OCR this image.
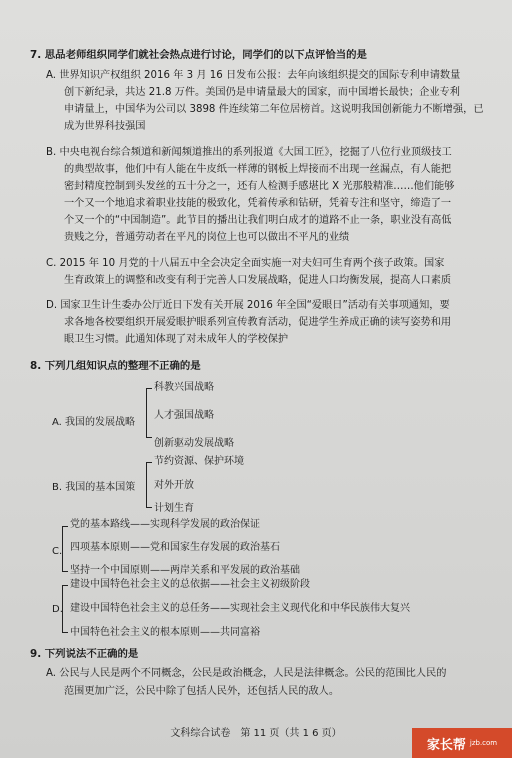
7. 思品老师组织同学们就社会热点进行讨论，同学们的以下点评恰当的是
A. 世界知识产权组织 2016 年 3 月 16 日发布公报：去年向该组织提交的国际专利申请数量
创下新纪录，共达 21.8 万件。美国仍是申请量最大的国家，而中国增长最快；企业专利
申请量上，中国华为公司以 3898 件连续第二年位居榜首。这说明我国创新能力不断增强，已
成为世界科技强国
B. 中央电视台综合频道和新闻频道推出的系列报道《大国工匠》，挖掘了八位行业顶级技工
的典型故事，他们中有人能在牛皮纸一样薄的钢板上焊接而不出现一丝漏点，有人能把
密封精度控制到头发丝的五十分之一，还有人检测手感堪比 X 光那般精准……他们能够
一个又一个地追求着职业技能的极致化，凭着传承和钻研，凭着专注和坚守，缔造了一
个又一个的“中国制造”。此节目的播出让我们明白成才的道路不止一条，职业没有高低
贵贱之分，普通劳动者在平凡的岗位上也可以做出不平凡的业绩
C. 2015 年 10 月党的十八届五中全会决定全面实施一对夫妇可生育两个孩子政策。国家
生育政策上的调整和改变有利于完善人口发展战略，促进人口均衡发展，提高人口素质
D. 国家卫生计生委办公厅近日下发有关开展 2016 年全国“爱眼日”活动有关事项通知，要
求各地各校要组织开展爱眼护眼系列宣传教育活动，促进学生养成正确的读写姿势和用
眼卫生习惯。此通知体现了对未成年人的学校保护
8. 下列几组知识点的整理不正确的是
A. 我国的发展战略
科教兴国战略
人才强国战略
创新驱动发展战略
B. 我国的基本国策
节约资源、保护环境
对外开放
计划生育
C.
党的基本路线——实现科学发展的政治保证
四项基本原则——党和国家生存发展的政治基石
坚持一个中国原则——两岸关系和平发展的政治基础
D.
建设中国特色社会主义的总依据——社会主义初级阶段
建设中国特色社会主义的总任务——实现社会主义现代化和中华民族伟大复兴
中国特色社会主义的根本原则——共同富裕
9. 下列说法不正确的是
A. 公民与人民是两个不同概念，公民是政治概念，人民是法律概念。公民的范围比人民的
范围更加广泛，公民中除了包括人民外，还包括人民的敌人。
文科综合试卷　第 11 页（共 1 6 页）
家长帮 jzb.com
